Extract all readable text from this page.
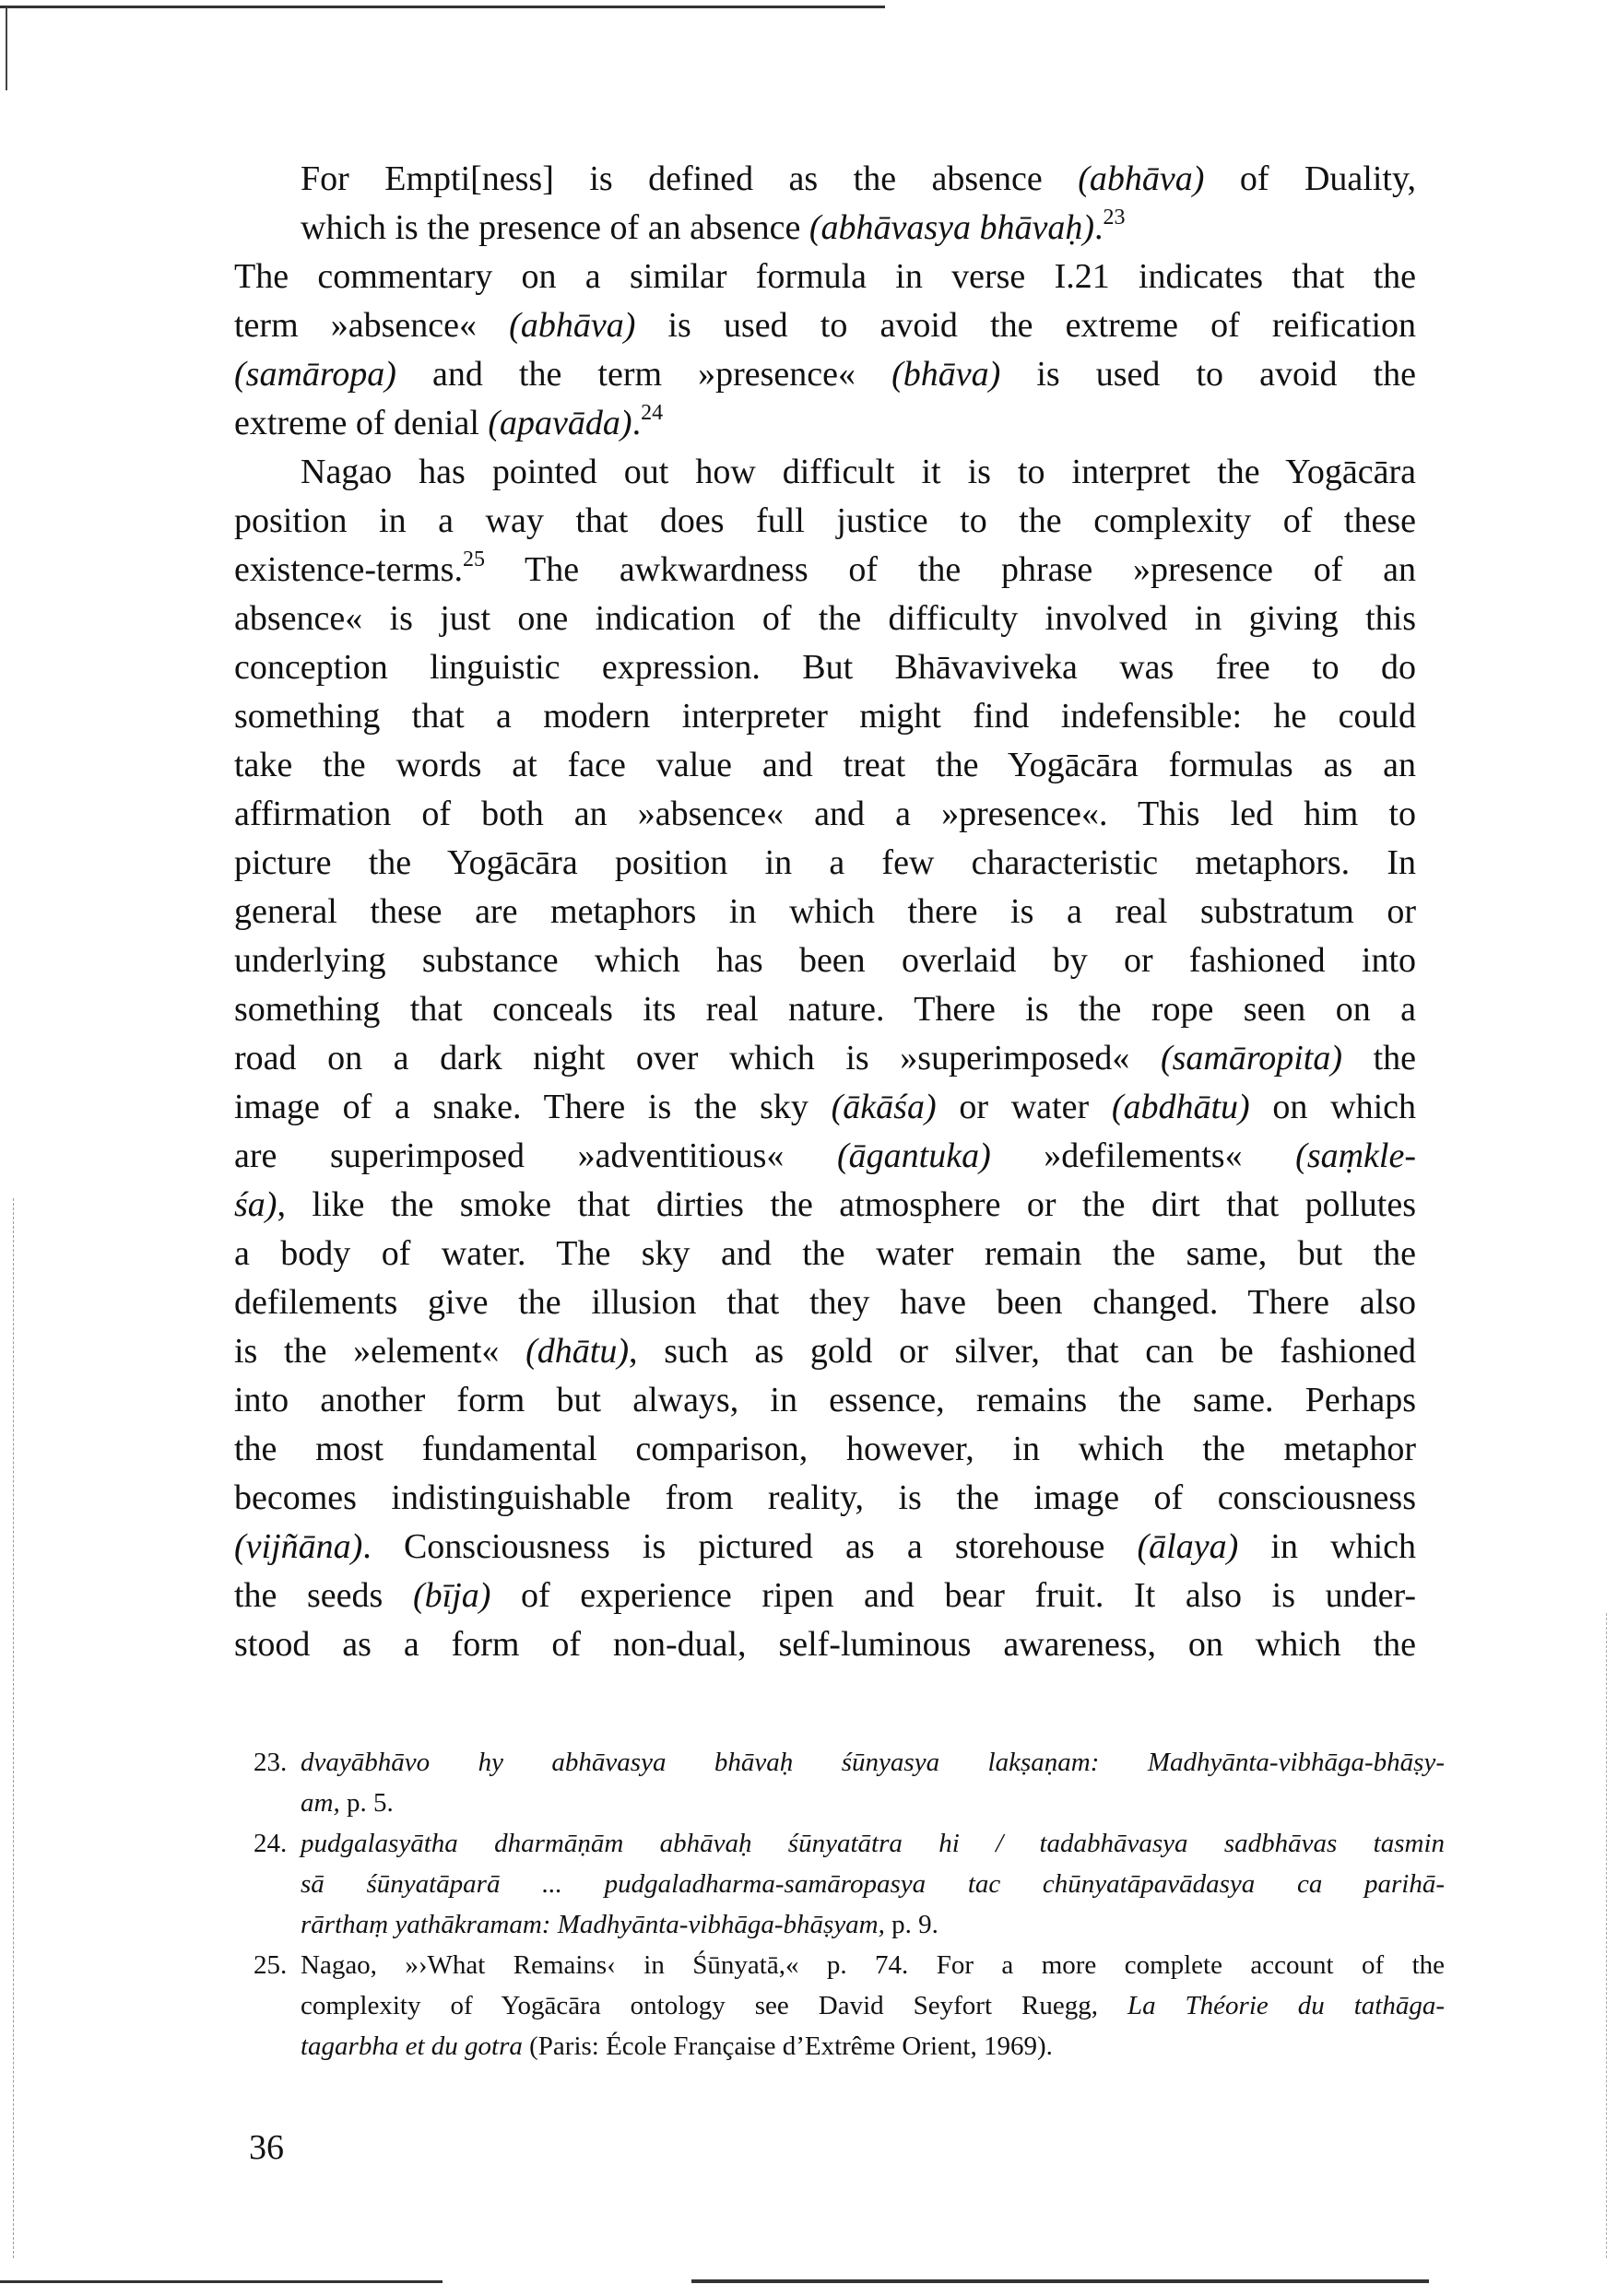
For Empti[ness] is defined as the absence (abhāva) of Duality,
which is the presence of an absence (abhāvasya bhāvaḥ).$^{23}$
The commentary on a similar formula in verse I.21 indicates that the
term »absence« (abhāva) is used to avoid the extreme of reification
(samāropa) and the term »presence« (bhāva) is used to avoid the
extreme of denial (apavāda).$^{24}$
Nagao has pointed out how difficult it is to interpret the Yogācāra
position in a way that does full justice to the complexity of these
existence-terms.$^{25}$ The awkwardness of the phrase »presence of an
absence« is just one indication of the difficulty involved in giving this
conception linguistic expression. But Bhāvaviveka was free to do
something that a modern interpreter might find indefensible: he could
take the words at face value and treat the Yogācāra formulas as an
affirmation of both an »absence« and a »presence«. This led him to
picture the Yogācāra position in a few characteristic metaphors. In
general these are metaphors in which there is a real substratum or
underlying substance which has been overlaid by or fashioned into
something that conceals its real nature. There is the rope seen on a
road on a dark night over which is »superimposed« (samāropita) the
image of a snake. There is the sky (ākāśa) or water (abdhātu) on which
are superimposed »adventitious« (āgantuka) »defilements« (saṃkle-
śa), like the smoke that dirties the atmosphere or the dirt that pollutes
a body of water. The sky and the water remain the same, but the
defilements give the illusion that they have been changed. There also
is the »element« (dhātu), such as gold or silver, that can be fashioned
into another form but always, in essence, remains the same. Perhaps
the most fundamental comparison, however, in which the metaphor
becomes indistinguishable from reality, is the image of consciousness
(vijñāna). Consciousness is pictured as a storehouse (ālaya) in which
the seeds (bīja) of experience ripen and bear fruit. It also is under-
stood as a form of non-dual, self-luminous awareness, on which the
dvayābhāvo hy abhāvasya bhāvaḥ śūnyasya lakṣaṇam: Madhyānta-vibhāga-bhāṣy-
23.
am, p. 5.
pudgalasyātha dharmāṇām abhāvaḥ śūnyatātra hi / tadabhāvasya sadbhāvas tasmin
24.
sā śūnyatāparā ... pudgaladharma-samāropasya tac chūnyatāpavādasya ca parihā-
rārthaṃ yathākramam: Madhyānta-vibhāga-bhāṣyam, p. 9.
Nagao, »›What Remains‹ in Śūnyatā,« p. 74. For a more complete account of the
25.
complexity of Yogācāra ontology see David Seyfort Ruegg, La Théorie du tathāga-
tagarbha et du gotra (Paris: École Française d’Extrême Orient, 1969).
36
